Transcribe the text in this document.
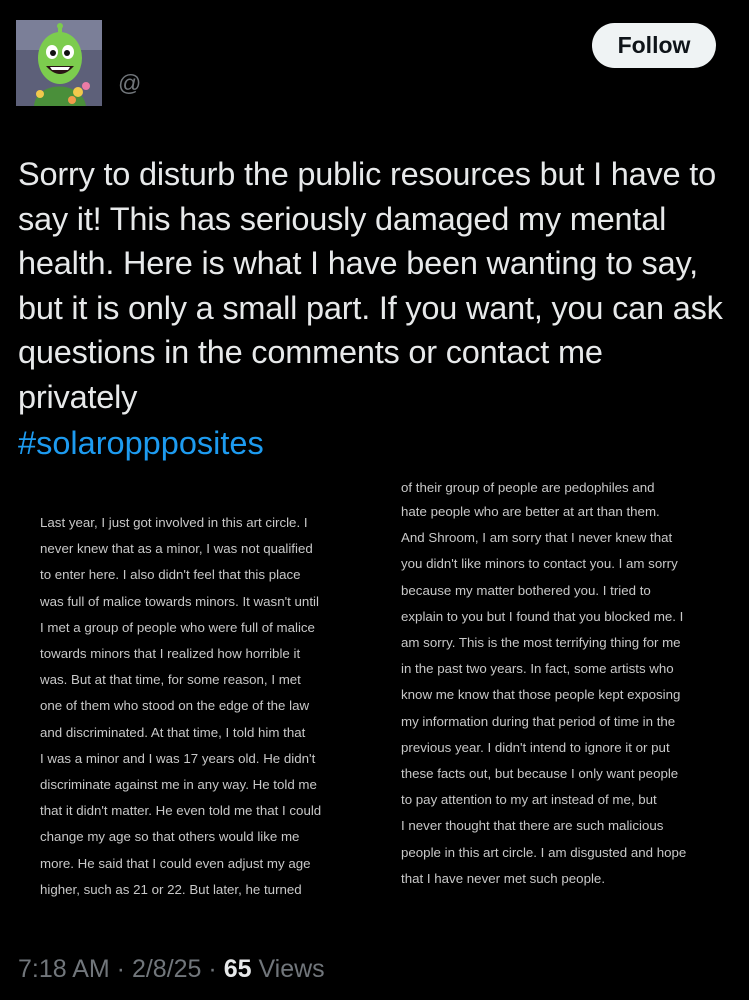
@
Follow
Sorry to disturb the public resources but I have to say it! This has seriously damaged my mental health. Here is what I have been wanting to say, but it is only a small part. If you want, you can ask questions in the comments or contact me privately
#solaroppposites
Last year, I just got involved in this art circle. I
never knew that as a minor, I was not qualified
to enter here. I also didn't feel that this place
was full of malice towards minors. It wasn't until
I met a group of people who were full of malice
towards minors that I realized how horrible it
was. But at that time, for some reason, I met
one of them who stood on the edge of the law
and discriminated. At that time, I told him that
I was a minor and I was 17 years old. He didn't
discriminate against me in any way. He told me
that it didn't matter. He even told me that I could
change my age so that others would like me
more. He said that I could even adjust my age
higher, such as 21 or 22. But later, he turned
of their group of people are pedophiles and
hate people who are better at art than them.
And Shroom, I am sorry that I never knew that
you didn't like minors to contact you. I am sorry
because my matter bothered you. I tried to
explain to you but I found that you blocked me. I
am sorry. This is the most terrifying thing for me
in the past two years. In fact, some artists who
know me know that those people kept exposing
my information during that period of time in the
previous year. I didn't intend to ignore it or put
these facts out, but because I only want people
to pay attention to my art instead of me, but
I never thought that there are such malicious
people in this art circle. I am disgusted and hope
that I have never met such people.
7:18 AM · 2/8/25 · 65 Views
